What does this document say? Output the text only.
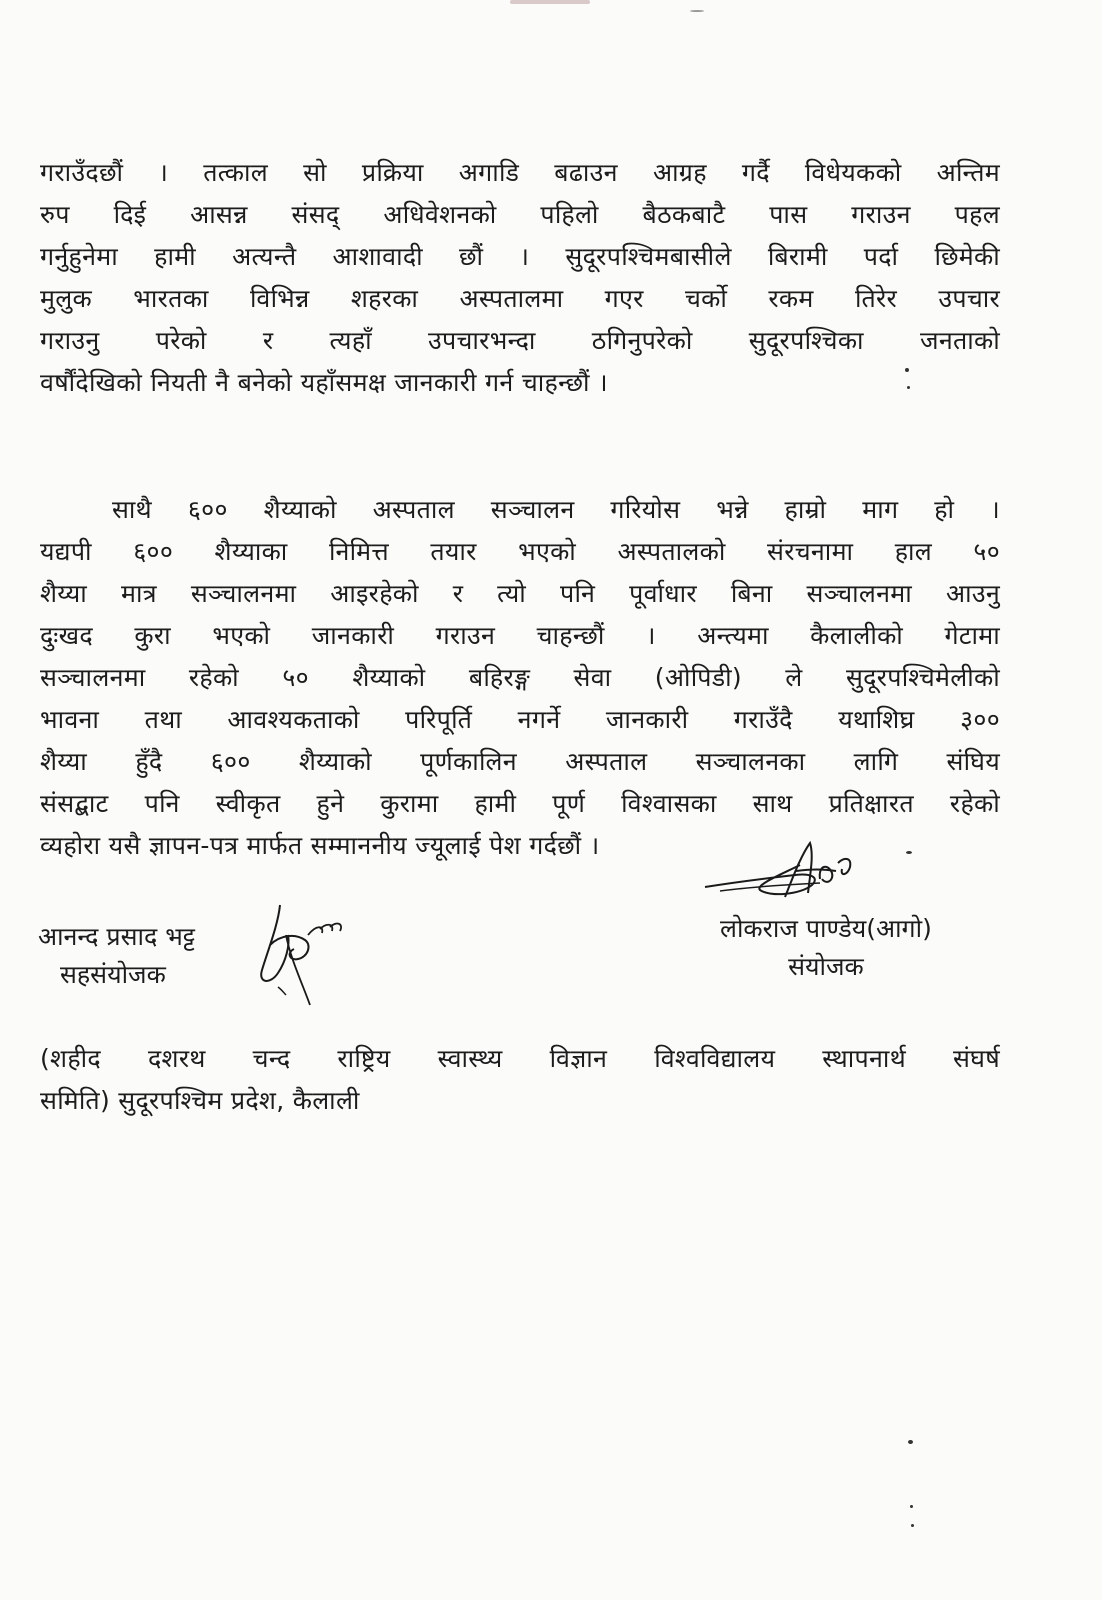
गराउँदछौं । तत्काल सो प्रक्रिया अगाडि बढाउन आग्रह गर्दै विधेयकको अन्तिम
रुप दिई आसन्न संसद् अधिवेशनको पहिलो बैठकबाटै पास गराउन पहल
गर्नुहुनेमा हामी अत्यन्तै आशावादी छौं । सुदूरपश्चिमबासीले बिरामी पर्दा छिमेकी
मुलुक भारतका विभिन्न शहरका अस्पतालमा गएर चर्को रकम तिरेर उपचार
गराउनु परेको र त्यहाँ उपचारभन्दा ठगिनुपरेको सुदूरपश्चिका जनताको
वर्षौंदेखिको नियती नै बनेको यहाँसमक्ष जानकारी गर्न चाहन्छौं ।

साथै ६०० शैय्याको अस्पताल सञ्चालन गरियोस भन्ने हाम्रो माग हो ।
यद्यपी ६०० शैय्याका निमित्त तयार भएको अस्पतालको संरचनामा हाल ५०
शैय्या मात्र सञ्चालनमा आइरहेको र त्यो पनि पूर्वाधार बिना सञ्चालनमा आउनु
दुःखद कुरा भएको जानकारी गराउन चाहन्छौं । अन्त्यमा कैलालीको गेटामा
सञ्चालनमा रहेको ५० शैय्याको बहिरङ्ग सेवा (ओपिडी) ले सुदूरपश्चिमेलीको
भावना तथा आवश्यकताको परिपूर्ति नगर्ने जानकारी गराउँदै यथाशिघ्र ३००
शैय्या हुँदै ६०० शैय्याको पूर्णकालिन अस्पताल सञ्चालनका लागि संघिय
संसद्बाट पनि स्वीकृत हुने कुरामा हामी पूर्ण विश्वासका साथ प्रतिक्षारत रहेको
व्यहोरा यसै ज्ञापन-पत्र मार्फत सम्माननीय ज्यूलाई पेश गर्दछौं ।

आनन्द प्रसाद भट्ट
सहसंयोजक
लोकराज पाण्डेय(आगो)
संयोजक

(शहीद दशरथ चन्द राष्ट्रिय स्वास्थ्य विज्ञान विश्वविद्यालय स्थापनार्थ संघर्ष
समिति) सुदूरपश्चिम प्रदेश, कैलाली
